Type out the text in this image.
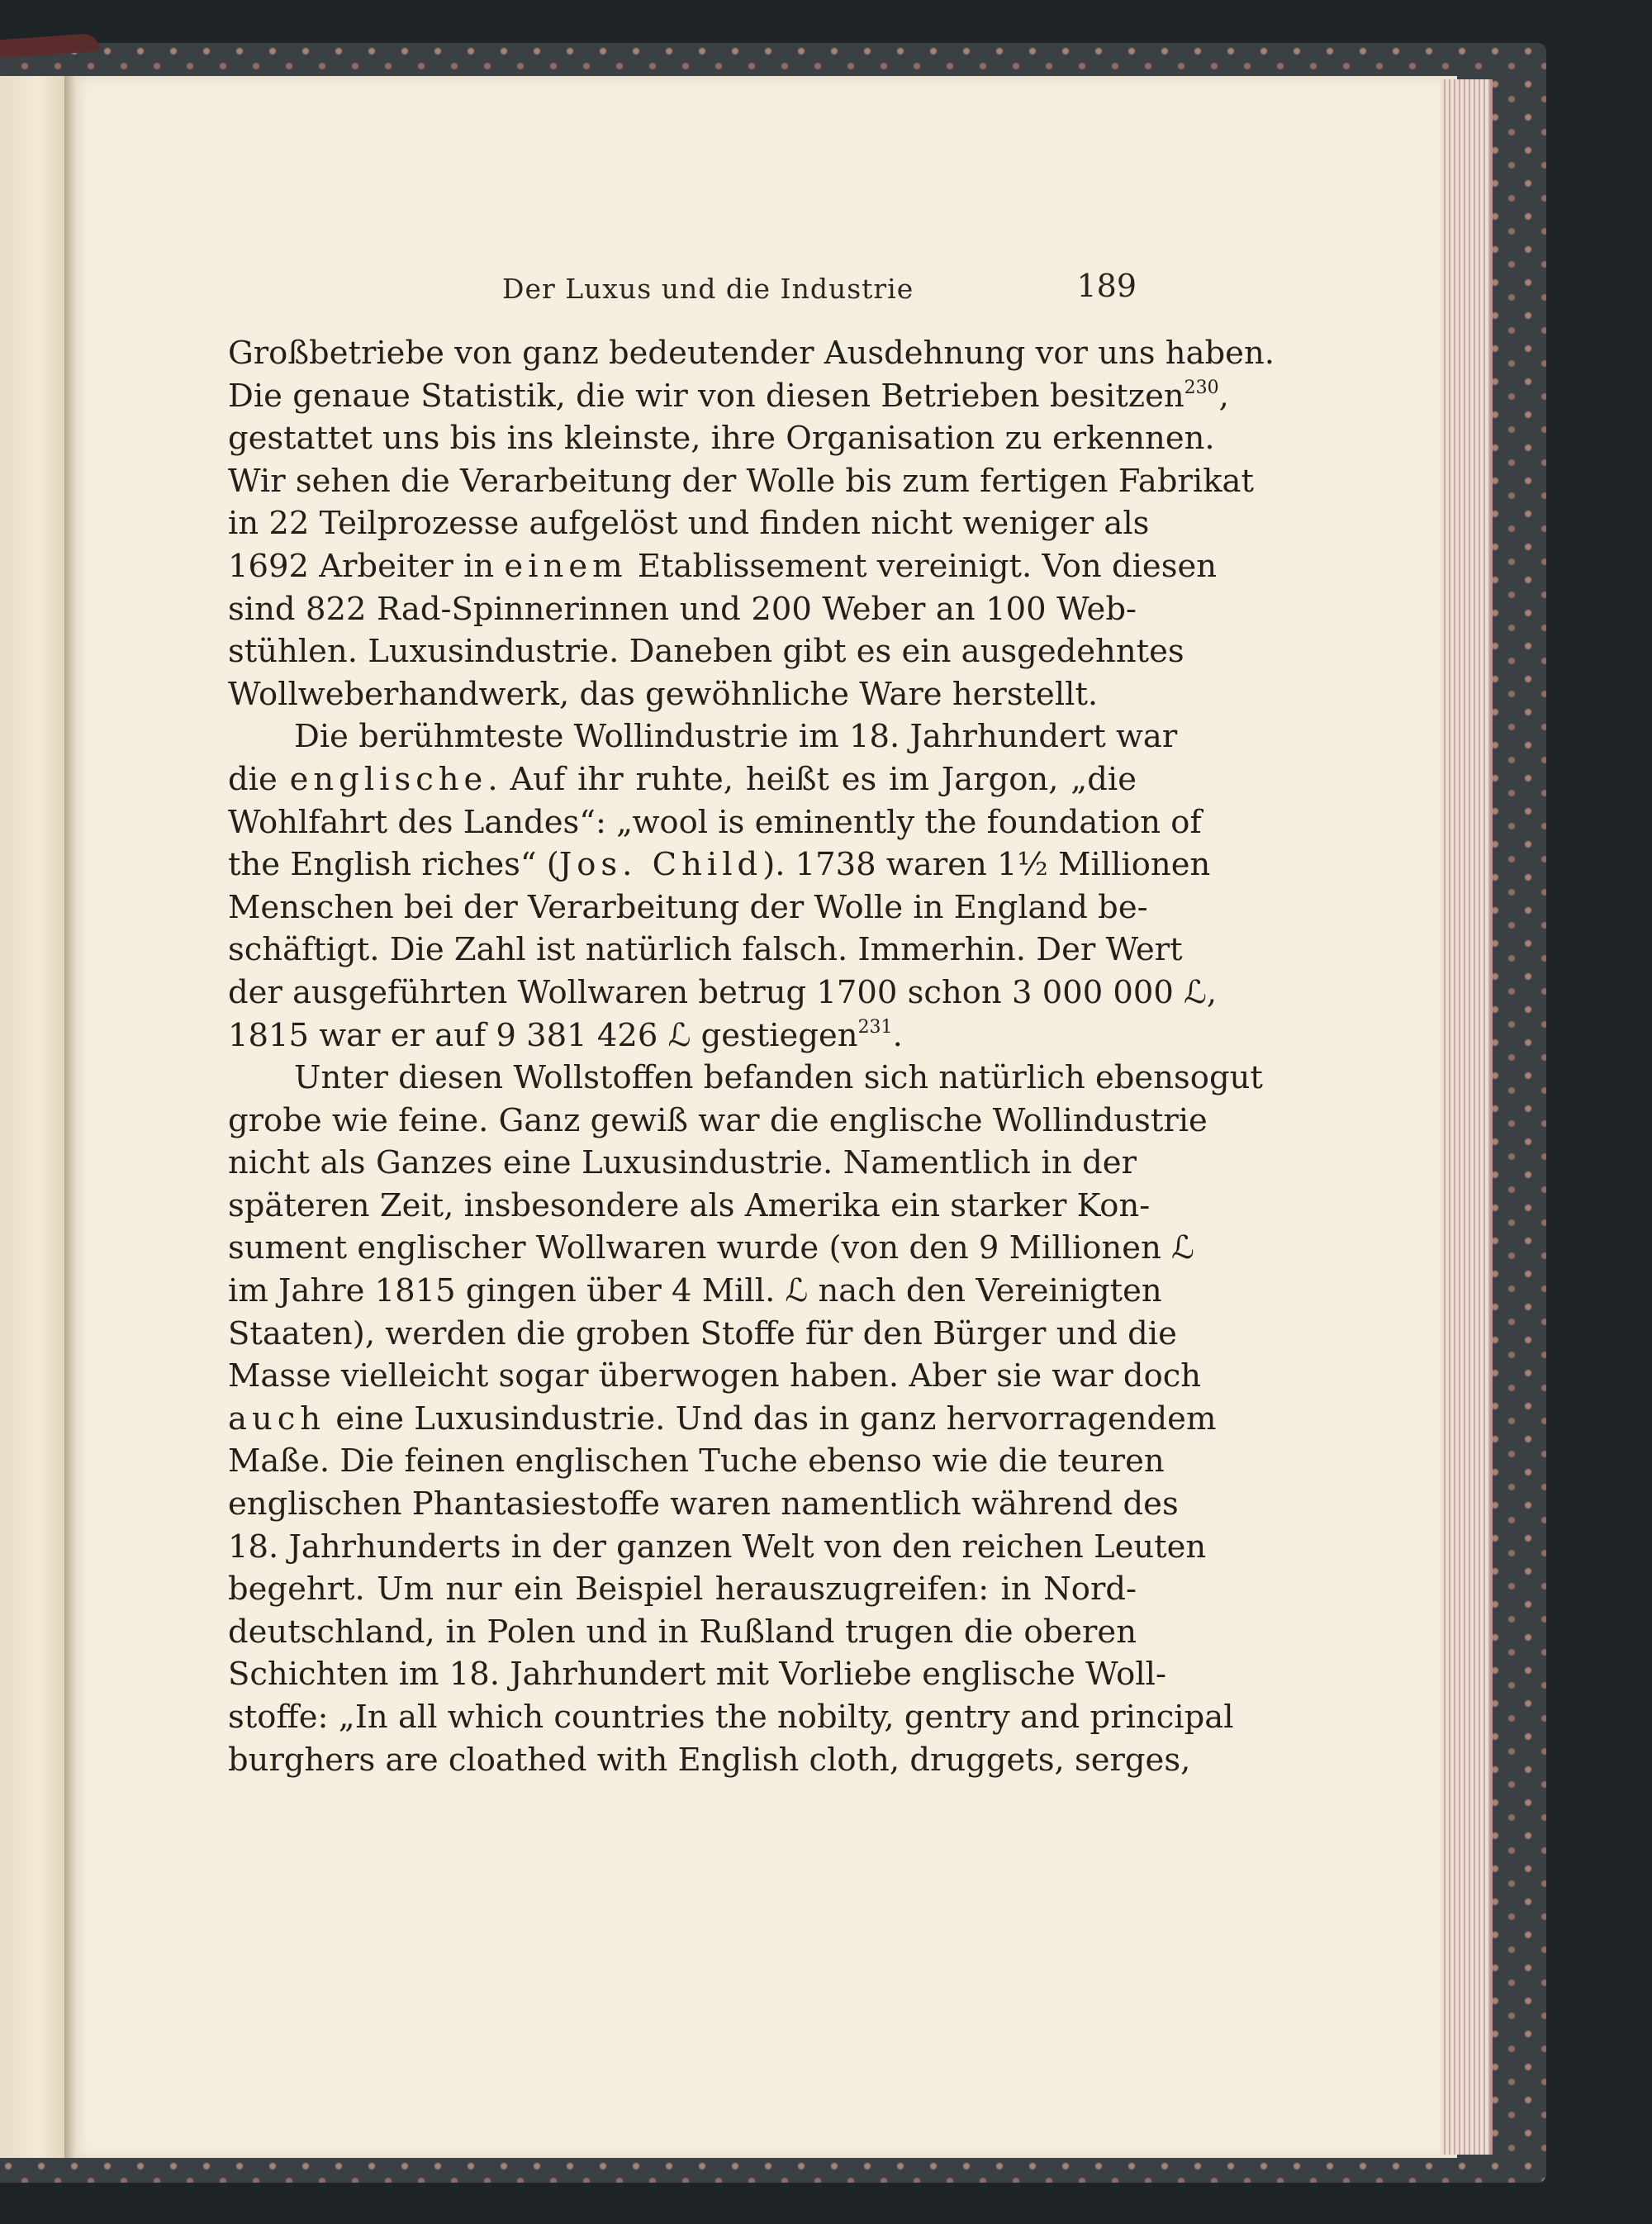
Der Luxus und die Industrie	189
Großbetriebe von ganz bedeutender Ausdehnung vor uns haben.
Die genaue Statistik, die wir von diesen Betrieben besitzen$^{230}$,
gestattet uns bis ins kleinste, ihre Organisation zu erkennen.
Wir sehen die Verarbeitung der Wolle bis zum fertigen Fabrikat
in 22 Teilprozesse aufgelöst und finden nicht weniger als
1692 Arbeiter in einem Etablissement vereinigt. Von diesen
sind 822 Rad-Spinnerinnen und 200 Weber an 100 Web-
stühlen. Luxusindustrie. Daneben gibt es ein ausgedehntes
Wollweberhandwerk, das gewöhnliche Ware herstellt.
Die berühmteste Wollindustrie im 18. Jahrhundert war
die englische. Auf ihr ruhte, heißt es im Jargon, „die
Wohlfahrt des Landes“: „wool is eminently the foundation of
the English riches“ (Jos. Child). 1738 waren 1½ Millionen
Menschen bei der Verarbeitung der Wolle in England be-
schäftigt. Die Zahl ist natürlich falsch. Immerhin. Der Wert
der ausgeführten Wollwaren betrug 1700 schon 3 000 000 ℒ,
1815 war er auf 9 381 426 ℒ gestiegen$^{231}$.
Unter diesen Wollstoffen befanden sich natürlich ebensogut
grobe wie feine. Ganz gewiß war die englische Wollindustrie
nicht als Ganzes eine Luxusindustrie. Namentlich in der
späteren Zeit, insbesondere als Amerika ein starker Kon-
sument englischer Wollwaren wurde (von den 9 Millionen ℒ
im Jahre 1815 gingen über 4 Mill. ℒ nach den Vereinigten
Staaten), werden die groben Stoffe für den Bürger und die
Masse vielleicht sogar überwogen haben. Aber sie war doch
auch eine Luxusindustrie. Und das in ganz hervorragendem
Maße. Die feinen englischen Tuche ebenso wie die teuren
englischen Phantasiestoffe waren namentlich während des
18. Jahrhunderts in der ganzen Welt von den reichen Leuten
begehrt. Um nur ein Beispiel herauszugreifen: in Nord-
deutschland, in Polen und in Rußland trugen die oberen
Schichten im 18. Jahrhundert mit Vorliebe englische Woll-
stoffe: „In all which countries the nobilty, gentry and principal
burghers are cloathed with English cloth, druggets, serges,
